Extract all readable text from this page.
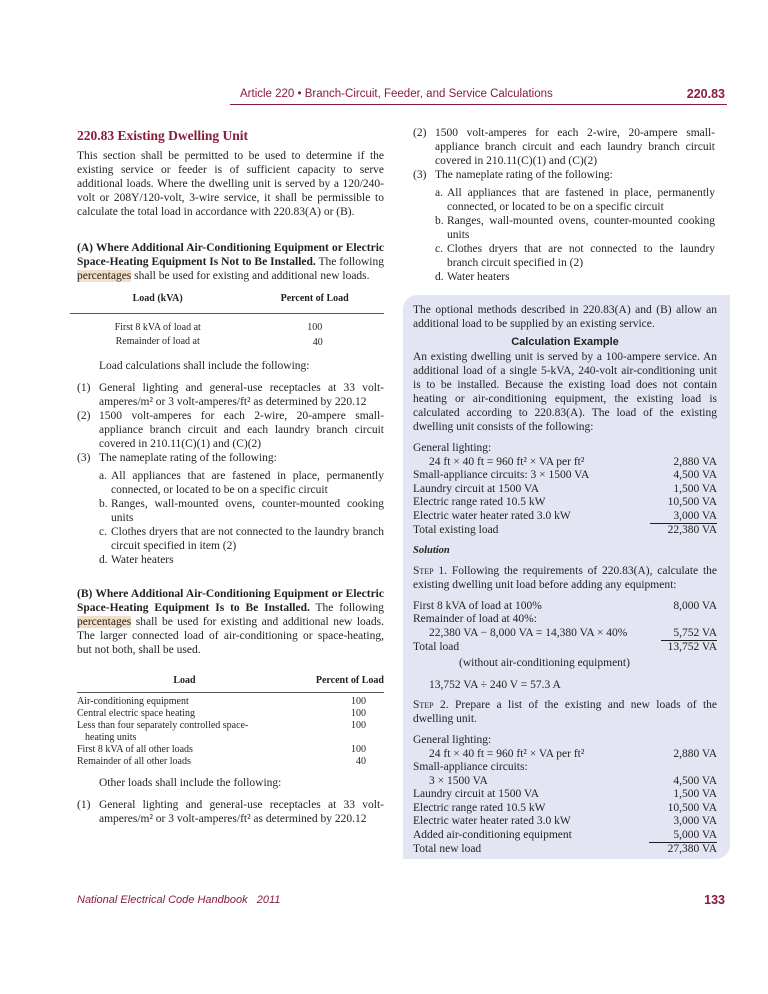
Article 220 • Branch-Circuit, Feeder, and Service Calculations	220.83
220.83 Existing Dwelling Unit

This section shall be permitted to be used to determine if the existing service or feeder is of sufficient capacity to serve additional loads. Where the dwelling unit is served by a 120/240-volt or 208Y/120-volt, 3-wire service, it shall be permissible to calculate the total load in accordance with 220.83(A) or (B).

(A) Where Additional Air-Conditioning Equipment or Electric Space-Heating Equipment Is Not to Be Installed. The following percentages shall be used for existing and additional new loads.

Load (kVA)	Percent of Load
First 8 kVA of load at	100
Remainder of load at	40

Load calculations shall include the following:

(1) General lighting and general-use receptacles at 33 volt-amperes/m² or 3 volt-amperes/ft² as determined by 220.12
(2) 1500 volt-amperes for each 2-wire, 20-ampere small-appliance branch circuit and each laundry branch circuit covered in 210.11(C)(1) and (C)(2)
(3) The nameplate rating of the following:
a. All appliances that are fastened in place, permanently connected, or located to be on a specific circuit
b. Ranges, wall-mounted ovens, counter-mounted cooking units
c. Clothes dryers that are not connected to the laundry branch circuit specified in item (2)
d. Water heaters

(B) Where Additional Air-Conditioning Equipment or Electric Space-Heating Equipment Is to Be Installed. The following percentages shall be used for existing and additional new loads. The larger connected load of air-conditioning or space-heating, but not both, shall be used.

Load	Percent of Load
Air-conditioning equipment	100
Central electric space heating	100
Less than four separately controlled space-heating units	100
First 8 kVA of all other loads	100
Remainder of all other loads	40

Other loads shall include the following:

(1) General lighting and general-use receptacles at 33 volt-amperes/m² or 3 volt-amperes/ft² as determined by 220.12
(2) 1500 volt-amperes for each 2-wire, 20-ampere small-appliance branch circuit and each laundry branch circuit covered in 210.11(C)(1) and (C)(2)
(3) The nameplate rating of the following:
a. All appliances that are fastened in place, permanently connected, or located to be on a specific circuit
b. Ranges, wall-mounted ovens, counter-mounted cooking units
c. Clothes dryers that are not connected to the laundry branch circuit specified in (2)
d. Water heaters

The optional methods described in 220.83(A) and (B) allow an additional load to be supplied by an existing service.

Calculation Example

An existing dwelling unit is served by a 100-ampere service. An additional load of a single 5-kVA, 240-volt air-conditioning unit is to be installed. Because the existing load does not contain heating or air-conditioning equipment, the existing load is calculated according to 220.83(A). The load of the existing dwelling unit consists of the following:

General lighting:	
24 ft × 40 ft = 960 ft² × VA per ft²	2,880 VA
Small-appliance circuits: 3 × 1500 VA	4,500 VA
Laundry circuit at 1500 VA	1,500 VA
Electric range rated 10.5 kW	10,500 VA
Electric water heater rated 3.0 kW	3,000 VA
Total existing load	22,380 VA

Solution

Step 1. Following the requirements of 220.83(A), calculate the existing dwelling unit load before adding any equipment:

First 8 kVA of load at 100%	8,000 VA
Remainder of load at 40%:	
22,380 VA − 8,000 VA = 14,380 VA × 40%	5,752 VA
Total load	13,752 VA
(without air-conditioning equipment)	

13,752 VA ÷ 240 V = 57.3 A

Step 2. Prepare a list of the existing and new loads of the dwelling unit.

General lighting:	
24 ft × 40 ft = 960 ft² × VA per ft²	2,880 VA
Small-appliance circuits:	
3 × 1500 VA	4,500 VA
Laundry circuit at 1500 VA	1,500 VA
Electric range rated 10.5 kW	10,500 VA
Electric water heater rated 3.0 kW	3,000 VA
Added air-conditioning equipment	5,000 VA
Total new load	27,380 VA
National Electrical Code Handbook   2011	133
